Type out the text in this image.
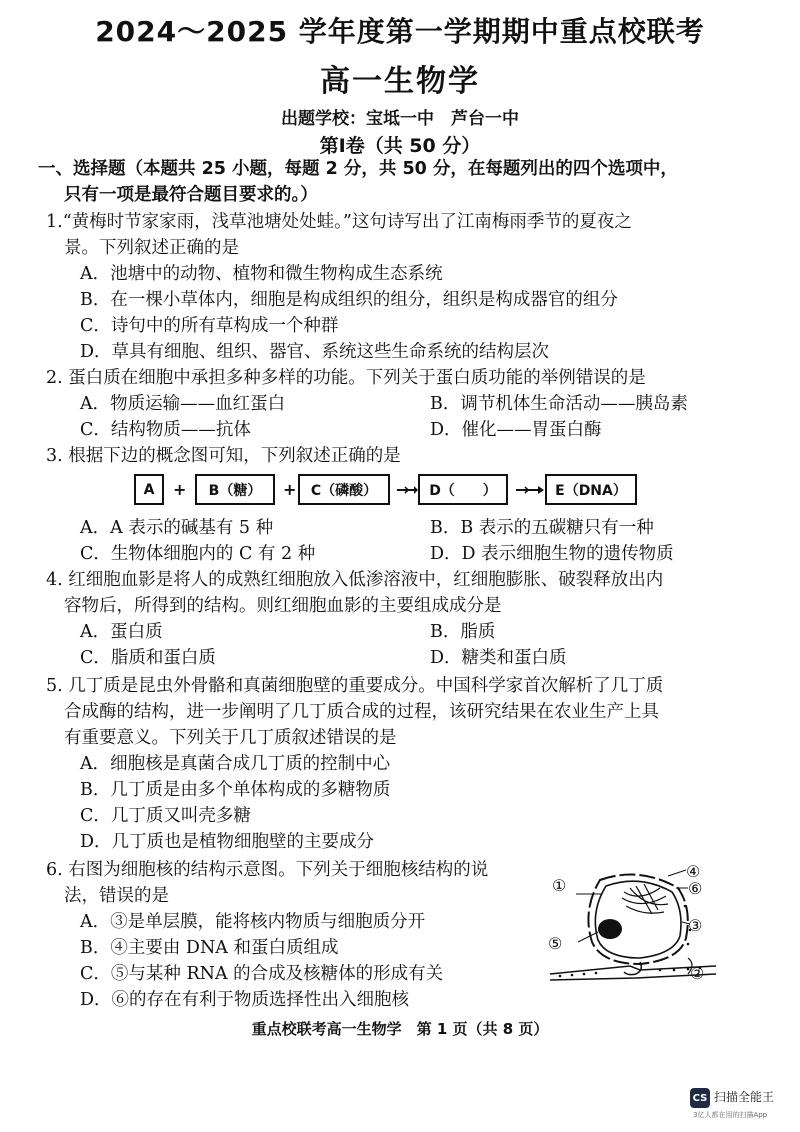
2024～2025 学年度第一学期期中重点校联考
高一生物学
出题学校：宝坻一中　芦台一中
第Ⅰ卷（共 50 分）
一、选择题（本题共 25 小题，每题 2 分，共 50 分，在每题列出的四个选项中，
只有一项是最符合题目要求的。）
1.“黄梅时节家家雨，浅草池塘处处蛙。”这句诗写出了江南梅雨季节的夏夜之
景。下列叙述正确的是
A．池塘中的动物、植物和微生物构成生态系统
B．在一棵小草体内，细胞是构成组织的组分，组织是构成器官的组分
C．诗句中的所有草构成一个种群
D．草具有细胞、组织、器官、系统这些生命系统的结构层次
2. 蛋白质在细胞中承担多种多样的功能。下列关于蛋白质功能的举例错误的是
A．物质运输——血红蛋白	B．调节机体生命活动——胰岛素
C．结构物质——抗体	D．催化——胃蛋白酶
3. 根据下边的概念图可知，下列叙述正确的是
A	+	B（糖）	+	C（磷酸）	→	D（　　）	→	E（DNA）
A．A 表示的碱基有 5 种	B．B 表示的五碳糖只有一种
C．生物体细胞内的 C 有 2 种	D．D 表示细胞生物的遗传物质
4. 红细胞血影是将人的成熟红细胞放入低渗溶液中，红细胞膨胀、破裂释放出内
容物后，所得到的结构。则红细胞血影的主要组成成分是
A．蛋白质	B．脂质
C．脂质和蛋白质	D．糖类和蛋白质
5. 几丁质是昆虫外骨骼和真菌细胞壁的重要成分。中国科学家首次解析了几丁质
合成酶的结构，进一步阐明了几丁质合成的过程，该研究结果在农业生产上具
有重要意义。下列关于几丁质叙述错误的是
A．细胞核是真菌合成几丁质的控制中心
B．几丁质是由多个单体构成的多糖物质
C．几丁质又叫壳多糖
D．几丁质也是植物细胞壁的主要成分
6. 右图为细胞核的结构示意图。下列关于细胞核结构的说
法，错误的是
A．③是单层膜，能将核内物质与细胞质分开
B．④主要由 DNA 和蛋白质组成
C．⑤与某种 RNA 的合成及核糖体的形成有关
D．⑥的存在有利于物质选择性出入细胞核
①
④
⑥
③
⑤
②
重点校联考高一生物学　第 1 页（共 8 页）
CS 扫描全能王
3亿人都在用的扫描App
